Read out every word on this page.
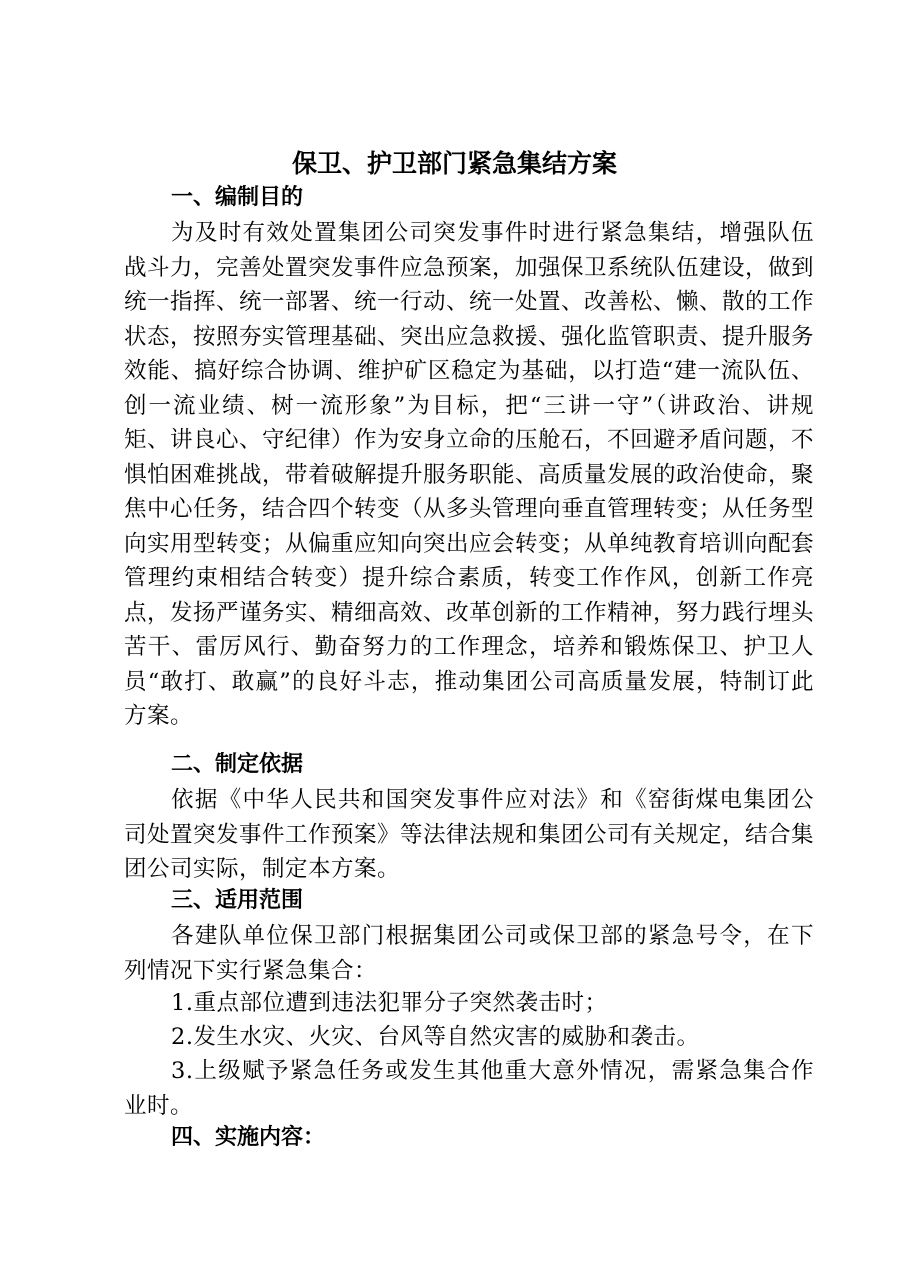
保卫、护卫部门紧急集结方案
一、编制目的
为及时有效处置集团公司突发事件时进行紧急集结，增强队伍战斗力，完善处置突发事件应急预案，加强保卫系统队伍建设，做到统一指挥、统一部署、统一行动、统一处置、改善松、懒、散的工作状态，按照夯实管理基础、突出应急救援、强化监管职责、提升服务效能、搞好综合协调、维护矿区稳定为基础，以打造“建一流队伍、创一流业绩、树一流形象”为目标，把“三讲一守”（讲政治、讲规矩、讲良心、守纪律）作为安身立命的压舱石，不回避矛盾问题，不惧怕困难挑战，带着破解提升服务职能、高质量发展的政治使命，聚焦中心任务，结合四个转变（从多头管理向垂直管理转变；从任务型向实用型转变；从偏重应知向突出应会转变；从单纯教育培训向配套管理约束相结合转变）提升综合素质，转变工作作风，创新工作亮点，发扬严谨务实、精细高效、改革创新的工作精神，努力践行埋头苦干、雷厉风行、勤奋努力的工作理念，培养和锻炼保卫、护卫人员“敢打、敢赢”的良好斗志，推动集团公司高质量发展，特制订此方案。
二、制定依据
依据《中华人民共和国突发事件应对法》和《窑街煤电集团公司处置突发事件工作预案》等法律法规和集团公司有关规定，结合集团公司实际，制定本方案。
三、适用范围
各建队单位保卫部门根据集团公司或保卫部的紧急号令，在下列情况下实行紧急集合：
1.重点部位遭到违法犯罪分子突然袭击时；
2.发生水灾、火灾、台风等自然灾害的威胁和袭击。
3.上级赋予紧急任务或发生其他重大意外情况，需紧急集合作业时。
四、实施内容：
